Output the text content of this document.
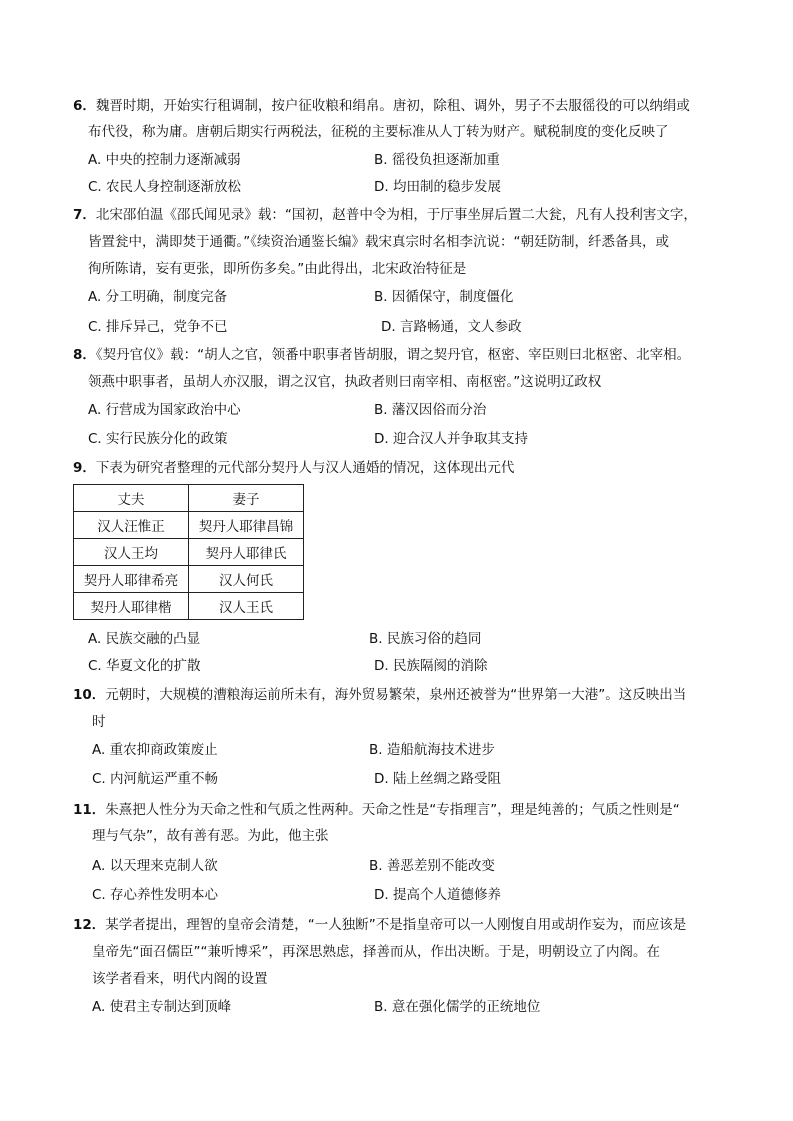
6．魏晋时期，开始实行租调制，按户征收粮和绢帛。唐初，除租、调外，男子不去服徭役的可以纳绢或
布代役，称为庸。唐朝后期实行两税法，征税的主要标准从人丁转为财产。赋税制度的变化反映了
A. 中央的控制力逐渐减弱	B. 徭役负担逐渐加重
C. 农民人身控制逐渐放松	D. 均田制的稳步发展
7．北宋邵伯温《邵氏闻见录》载：“国初，赵普中令为相，于厅事坐屏后置二大瓮，凡有人投利害文字，
皆置瓮中，满即焚于通衢。”《续资治通鉴长编》载宋真宗时名相李沆说：“朝廷防制，纤悉备具，或
徇所陈请，妄有更张，即所伤多矣。”由此得出，北宋政治特征是
A. 分工明确，制度完备	B. 因循保守，制度僵化
C. 排斥异己，党争不已	D. 言路畅通，文人参政
8．《契丹官仪》载：“胡人之官，领番中职事者皆胡服，谓之契丹官，枢密、宰臣则曰北枢密、北宰相。
领燕中职事者，虽胡人亦汉服，谓之汉官，执政者则曰南宰相、南枢密。”这说明辽政权
A. 行营成为国家政治中心	B. 藩汉因俗而分治
C. 实行民族分化的政策	D. 迎合汉人并争取其支持
9．下表为研究者整理的元代部分契丹人与汉人通婚的情况，这体现出元代
丈夫	妻子
汉人汪惟正	契丹人耶律昌锦
汉人王均	契丹人耶律氏
契丹人耶律希亮	汉人何氏
契丹人耶律楷	汉人王氏
A. 民族交融的凸显	B. 民族习俗的趋同
C. 华夏文化的扩散	D. 民族隔阂的消除
10．元朝时，大规模的漕粮海运前所未有，海外贸易繁荣，泉州还被誉为“世界第一大港”。这反映出当
时
A. 重农抑商政策废止	B. 造船航海技术进步
C. 内河航运严重不畅	D. 陆上丝绸之路受阻
11．朱熹把人性分为天命之性和气质之性两种。天命之性是“专指理言”，理是纯善的；气质之性则是“
理与气杂”，故有善有恶。为此，他主张
A. 以天理来克制人欲	B. 善恶差别不能改变
C. 存心养性发明本心	D. 提高个人道德修养
12．某学者提出，理智的皇帝会清楚，“一人独断”不是指皇帝可以一人刚愎自用或胡作妄为，而应该是
皇帝先“面召儒臣”“兼听博采”，再深思熟虑，择善而从，作出决断。于是，明朝设立了内阁。在
该学者看来，明代内阁的设置
A. 使君主专制达到顶峰	B. 意在强化儒学的正统地位
